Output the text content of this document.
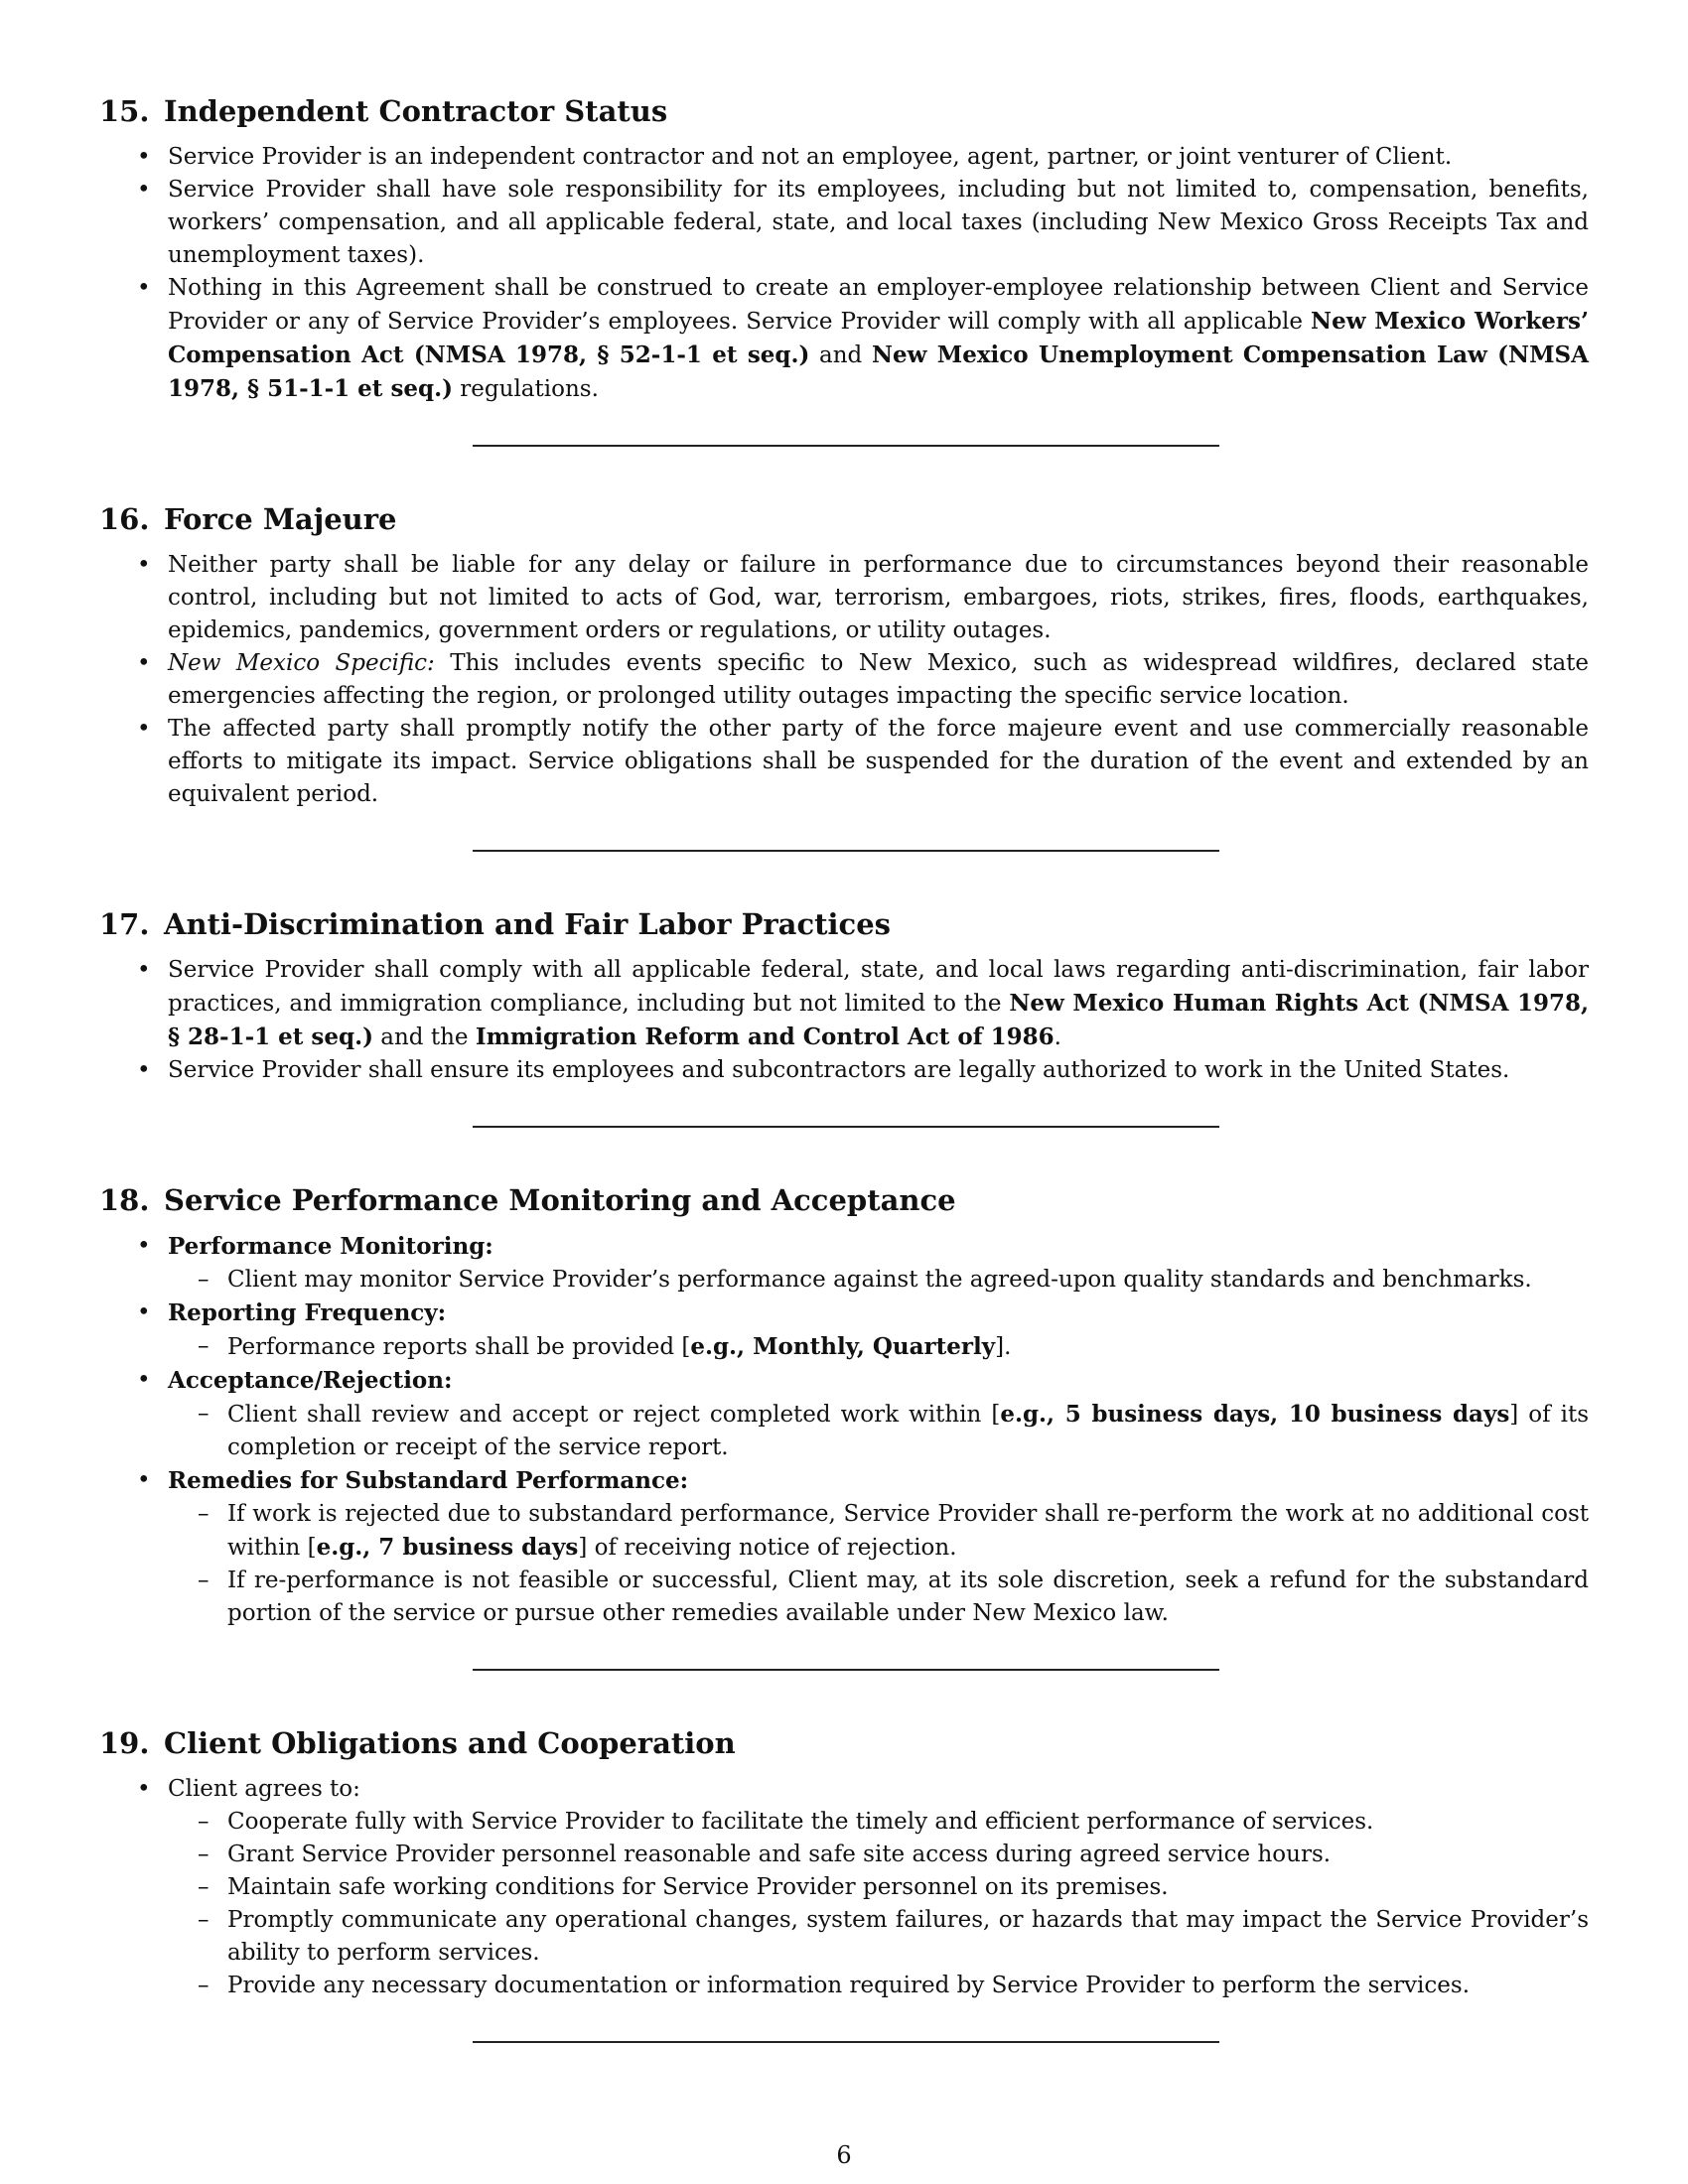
15. Independent Contractor Status
• Service Provider is an independent contractor and not an employee, agent, partner, or joint venturer of Client.
• Service Provider shall have sole responsibility for its employees, including but not limited to, compensation, benefits, workers’ compensation, and all applicable federal, state, and local taxes (including New Mexico Gross Receipts Tax and unemployment taxes).
• Nothing in this Agreement shall be construed to create an employer-employee relationship between Client and Service Provider or any of Service Provider’s employees. Service Provider will comply with all applicable New Mexico Workers’ Compensation Act (NMSA 1978, § 52-1-1 et seq.) and New Mexico Unemployment Compensation Law (NMSA 1978, § 51-1-1 et seq.) regulations.
16. Force Majeure
• Neither party shall be liable for any delay or failure in performance due to circumstances beyond their reasonable control, including but not limited to acts of God, war, terrorism, embargoes, riots, strikes, fires, floods, earthquakes, epidemics, pandemics, government orders or regulations, or utility outages.
• New Mexico Specific: This includes events specific to New Mexico, such as widespread wildfires, declared state emergencies affecting the region, or prolonged utility outages impacting the specific service location.
• The affected party shall promptly notify the other party of the force majeure event and use commercially reasonable efforts to mitigate its impact. Service obligations shall be suspended for the duration of the event and extended by an equivalent period.
17. Anti-Discrimination and Fair Labor Practices
• Service Provider shall comply with all applicable federal, state, and local laws regarding anti-discrimination, fair labor practices, and immigration compliance, including but not limited to the New Mexico Human Rights Act (NMSA 1978, § 28-1-1 et seq.) and the Immigration Reform and Control Act of 1986.
• Service Provider shall ensure its employees and subcontractors are legally authorized to work in the United States.
18. Service Performance Monitoring and Acceptance
• Performance Monitoring:
– Client may monitor Service Provider’s performance against the agreed-upon quality standards and benchmarks.
• Reporting Frequency:
– Performance reports shall be provided [e.g., Monthly, Quarterly].
• Acceptance/Rejection:
– Client shall review and accept or reject completed work within [e.g., 5 business days, 10 business days] of its completion or receipt of the service report.
• Remedies for Substandard Performance:
– If work is rejected due to substandard performance, Service Provider shall re-perform the work at no additional cost within [e.g., 7 business days] of receiving notice of rejection.
– If re-performance is not feasible or successful, Client may, at its sole discretion, seek a refund for the substandard portion of the service or pursue other remedies available under New Mexico law.
19. Client Obligations and Cooperation
• Client agrees to:
– Cooperate fully with Service Provider to facilitate the timely and efficient performance of services.
– Grant Service Provider personnel reasonable and safe site access during agreed service hours.
– Maintain safe working conditions for Service Provider personnel on its premises.
– Promptly communicate any operational changes, system failures, or hazards that may impact the Service Provider’s ability to perform services.
– Provide any necessary documentation or information required by Service Provider to perform the services.
6
